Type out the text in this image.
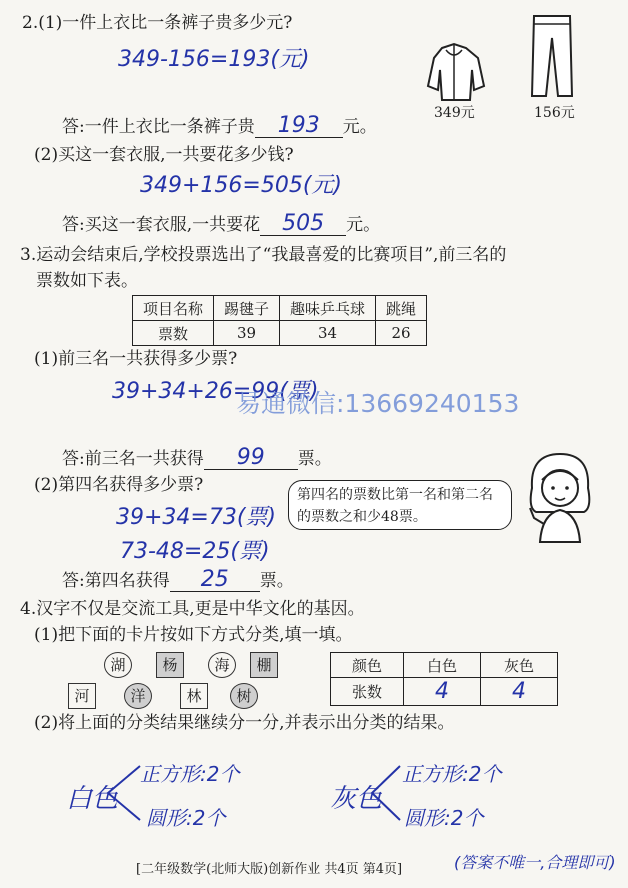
2.(1)一件上衣比一条裤子贵多少元?
349-156=193(元)
349元	156元
答:一件上衣比一条裤子贵	193	元。
(2)买这一套衣服,一共要花多少钱?
349+156=505(元)
答:买这一套衣服,一共要花	505	元。
3.运动会结束后,学校投票选出了“我最喜爱的比赛项目”,前三名的
票数如下表。
项目名称	踢毽子	趣味乒乓球	跳绳
票数	39	34	26
(1)前三名一共获得多少票?
39+34+26=99(票)
易通微信:13669240153
答:前三名一共获得	99	票。
(2)第四名获得多少票?
39+34=73(票)
73-48=25(票)
第四名的票数比第一名和第二名的票数之和少48票。
答:第四名获得	25	票。
4.汉字不仅是交流工具,更是中华文化的基因。
(1)把下面的卡片按如下方式分类,填一填。
湖	杨	海	棚
河	洋	林	树
颜色	白色	灰色
张数	4	4
(2)将上面的分类结果继续分一分,并表示出分类的结果。
白色
正方形:2个
圆形:2个
灰色
正方形:2个
圆形:2个
[二年级数学(北师大版)创新作业 共4页 第4页]	(答案不唯一,合理即可)
